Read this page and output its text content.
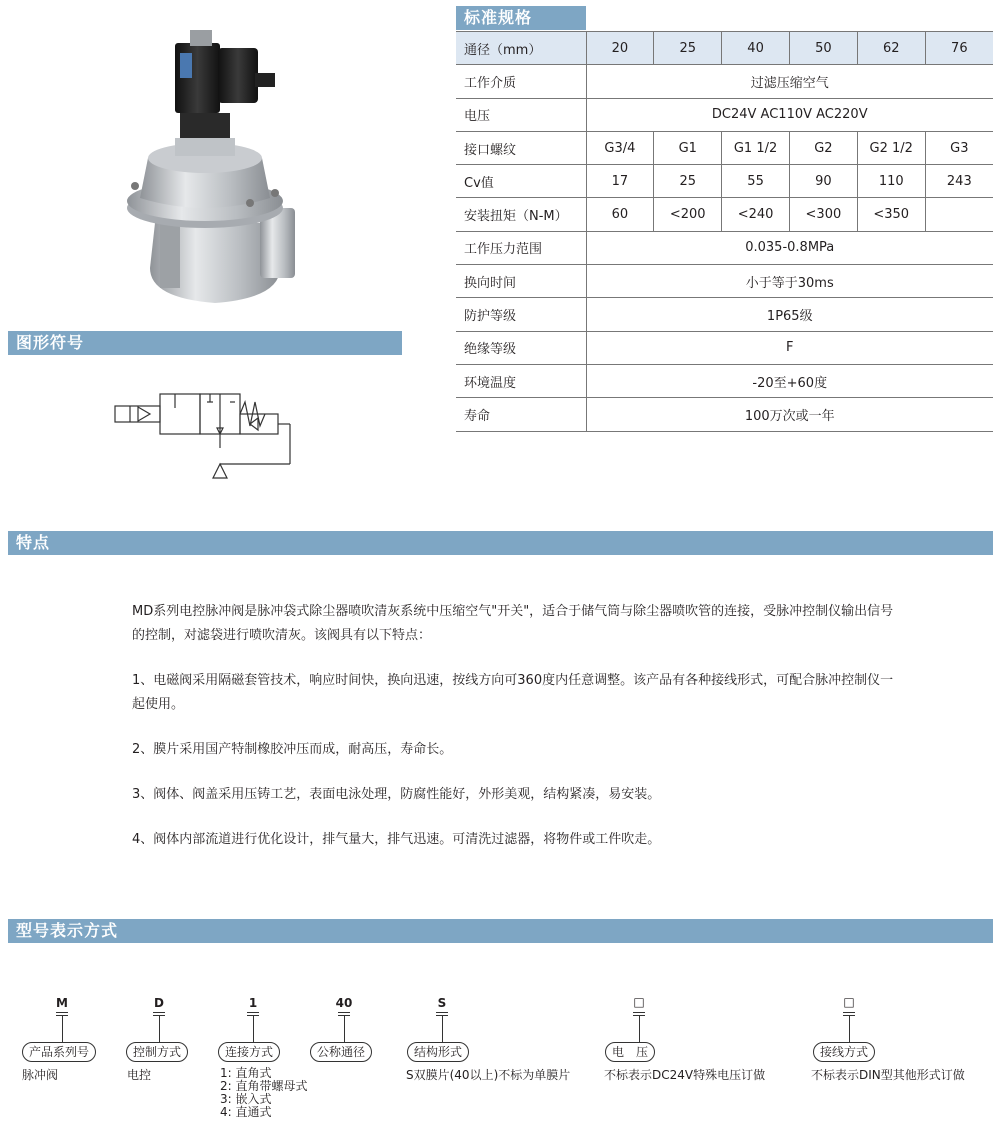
标准规格
图形符号
特点
型号表示方式
通径（mm）	20	25	40	50	62	76
工作介质	过滤压缩空气					
电压	DC24V AC110V AC220V					
接口螺纹	G3/4	G1	G1 1/2	G2	G2 1/2	G3
Cv值	17	25	55	90	110	243
安装扭矩（N-M）	60	<200	<240	<300	<350	
工作压力范围	0.035-0.8MPa					
换向时间	小于等于30ms					
防护等级	1P65级					
绝缘等级	F					
环境温度	-20至+60度					
寿命	100万次或一年					

MD系列电控脉冲阀是脉冲袋式除尘器喷吹清灰系统中压缩空气"开关"，适合于储气筒与除尘器喷吹管的连接，受脉冲控制仪输出信号的控制，对滤袋进行喷吹清灰。该阀具有以下特点：

1、电磁阀采用隔磁套管技术，响应时间快，换向迅速，按线方向可360度内任意调整。该产品有各种接线形式，可配合脉冲控制仪一起使用。

2、膜片采用国产特制橡胶冲压而成，耐高压，寿命长。

3、阀体、阀盖采用压铸工艺，表面电泳处理，防腐性能好，外形美观，结构紧凑，易安装。

4、阀体内部流道进行优化设计，排气量大，排气迅速。可清洗过滤器，将物件或工件吹走。

M
产品系列号
脉冲阀
D
控制方式
电控
1
连接方式
1: 直角式
2: 直角带螺母式
3: 嵌入式
4: 直通式
40
公称通径
S
结构形式
S双膜片(40以上)不标为单膜片
□
电　压
不标表示DC24V特殊电压订做
□
接线方式
不标表示DIN型其他形式订做
